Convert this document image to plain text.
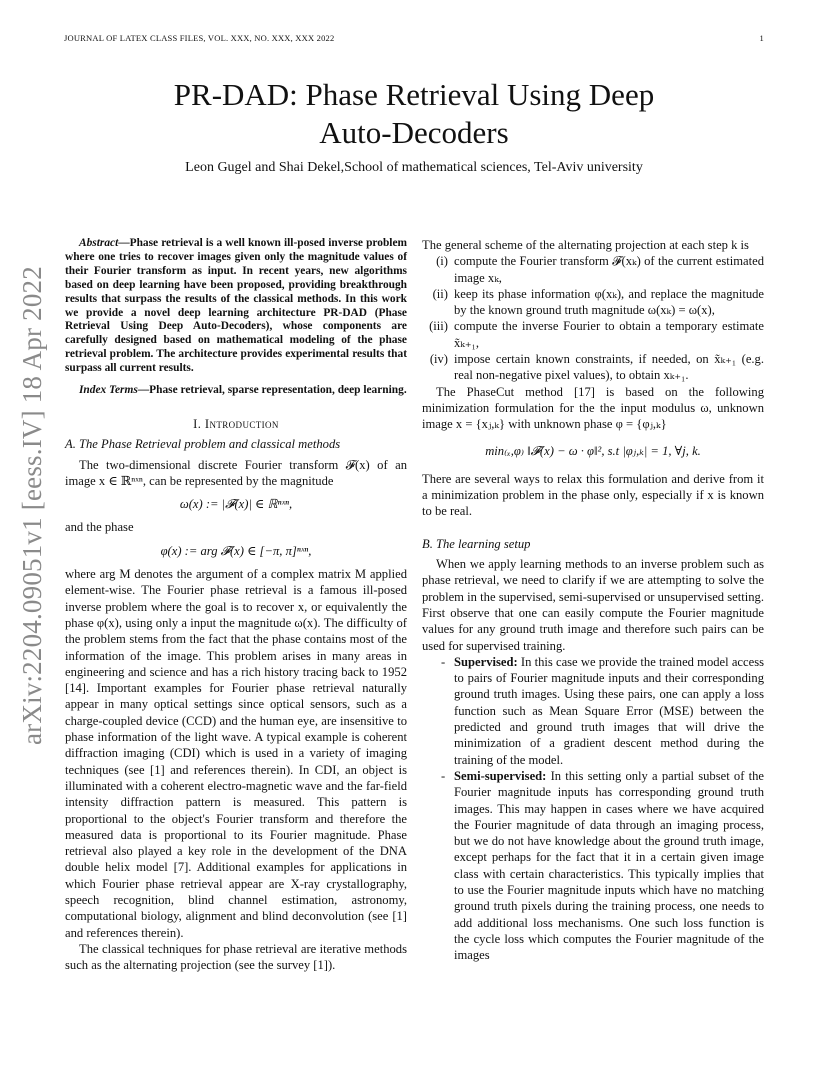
JOURNAL OF LATEX CLASS FILES, VOL. XXX, NO. XXX, XXX 2022	1
PR-DAD: Phase Retrieval Using Deep
Auto-Decoders
Leon Gugel and Shai Dekel,School of mathematical sciences, Tel-Aviv university
arXiv:2204.09051v1 [eess.IV] 18 Apr 2022

Abstract—Phase retrieval is a well known ill-posed inverse problem where one tries to recover images given only the magnitude values of their Fourier transform as input. In recent years, new algorithms based on deep learning have been proposed, providing breakthrough results that surpass the results of the classical methods. In this work we provide a novel deep learning architecture PR-DAD (Phase Retrieval Using Deep Auto-Decoders), whose components are carefully designed based on mathematical modeling of the phase retrieval problem. The architecture provides experimental results that surpass all current results.

Index Terms—Phase retrieval, sparse representation, deep learning.

I. Introduction
A. The Phase Retrieval problem and classical methods

The two-dimensional discrete Fourier transform 𝓕(x) of an image x ∈ ℝⁿˣⁿ, can be represented by the magnitude

ω(x) := |𝓕(x)| ∈ ℝⁿˣⁿ,

and the phase

φ(x) := arg 𝓕(x) ∈ [−π, π]ⁿˣⁿ,

where arg M denotes the argument of a complex matrix M applied element-wise. The Fourier phase retrieval is a famous ill-posed inverse problem where the goal is to recover x, or equivalently the phase φ(x), using only a input the magnitude ω(x). The difficulty of the problem stems from the fact that the phase contains most of the information of the image. This problem arises in many areas in engineering and science and has a rich history tracing back to 1952 [14]. Important examples for Fourier phase retrieval naturally appear in many optical settings since optical sensors, such as a charge-coupled device (CCD) and the human eye, are insensitive to phase information of the light wave. A typical example is coherent diffraction imaging (CDI) which is used in a variety of imaging techniques (see [1] and references therein). In CDI, an object is illuminated with a coherent electro-magnetic wave and the far-field intensity diffraction pattern is measured. This pattern is proportional to the object's Fourier transform and therefore the measured data is proportional to its Fourier magnitude. Phase retrieval also played a key role in the development of the DNA double helix model [7]. Additional examples for applications in which Fourier phase retrieval appear are X-ray crystallography, speech recognition, blind channel estimation, astronomy, computational biology, alignment and blind deconvolution (see [1] and references therein).

The classical techniques for phase retrieval are iterative methods such as the alternating projection (see the survey [1]).

The general scheme of the alternating projection at each step k is

(i) compute the Fourier transform 𝓕(xₖ) of the current estimated image xₖ,
(ii) keep its phase information φ(xₖ), and replace the magnitude by the known ground truth magnitude ω(xₖ) = ω(x),
(iii) compute the inverse Fourier to obtain a temporary estimate x̃ₖ₊₁,
(iv) impose certain known constraints, if needed, on x̃ₖ₊₁ (e.g. real non-negative pixel values), to obtain xₖ₊₁.

The PhaseCut method [17] is based on the following minimization formulation for the the input modulus ω, unknown image x = {xⱼ,ₖ} with unknown phase φ = {φⱼ,ₖ}

min₍ₓ,φ₎ ‖𝓕(x) − ω · φ‖², s.t |φⱼ,ₖ| = 1, ∀j, k.

There are several ways to relax this formulation and derive from it a minimization problem in the phase only, especially if x is known to be real.

B. The learning setup

When we apply learning methods to an inverse problem such as phase retrieval, we need to clarify if we are attempting to solve the problem in the supervised, semi-supervised or unsupervised setting. First observe that one can easily compute the Fourier magnitude values for any ground truth image and therefore such pairs can be used for supervised training.

- Supervised: In this case we provide the trained model access to pairs of Fourier magnitude inputs and their corresponding ground truth images. Using these pairs, one can apply a loss function such as Mean Square Error (MSE) between the predicted and ground truth images that will drive the minimization of a gradient descent method during the training of the model.
- Semi-supervised: In this setting only a partial subset of the Fourier magnitude inputs has corresponding ground truth images. This may happen in cases where we have acquired the Fourier magnitude of data through an imaging process, but we do not have knowledge about the ground truth image, except perhaps for the fact that it in a certain given image class with certain characteristics. This typically implies that to use the Fourier magnitude inputs which have no matching ground truth pixels during the training process, one needs to add additional loss mechanisms. One such loss function is the cycle loss which computes the Fourier magnitude of the images
